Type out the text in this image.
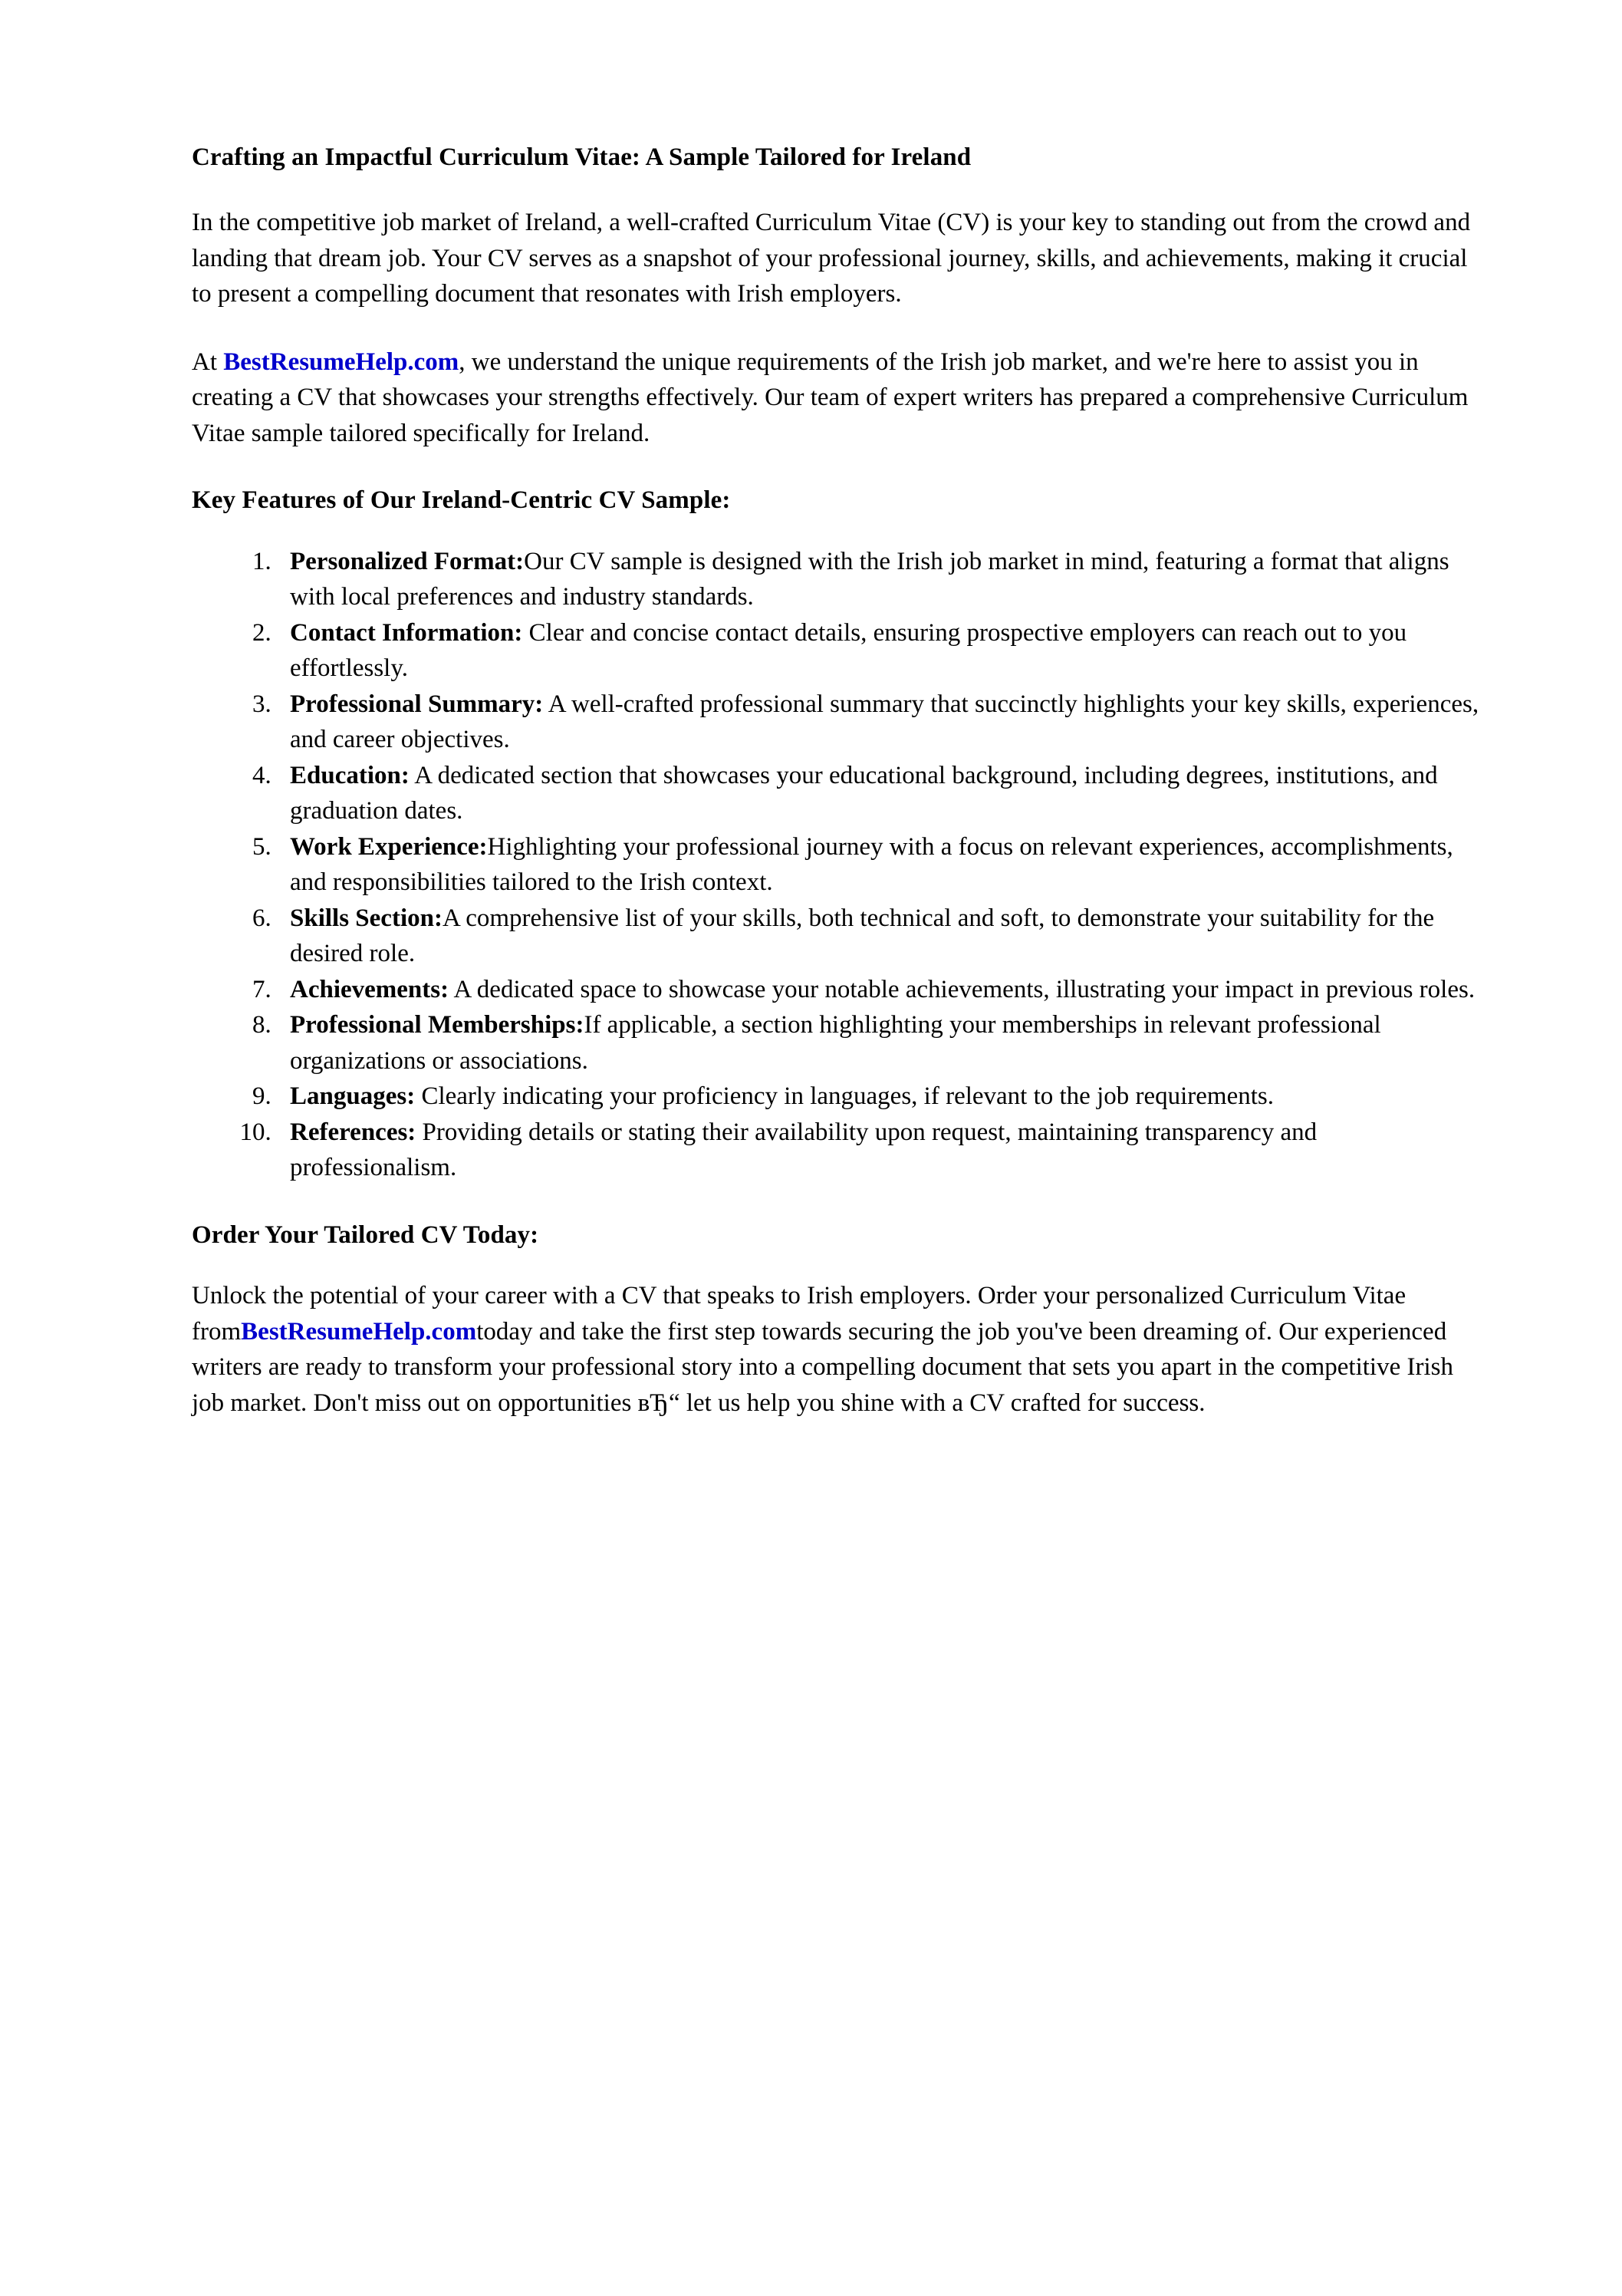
Crafting an Impactful Curriculum Vitae: A Sample Tailored for Ireland

In the competitive job market of Ireland, a well-crafted Curriculum Vitae (CV) is your key to standing out from the crowd and landing that dream job. Your CV serves as a snapshot of your professional journey, skills, and achievements, making it crucial to present a compelling document that resonates with Irish employers.

At BestResumeHelp.com, we understand the unique requirements of the Irish job market, and we're here to assist you in creating a CV that showcases your strengths effectively. Our team of expert writers has prepared a comprehensive Curriculum Vitae sample tailored specifically for Ireland.

Key Features of Our Ireland-Centric CV Sample:
1. Personalized Format:Our CV sample is designed with the Irish job market in mind, featuring a format that aligns with local preferences and industry standards.
2. Contact Information: Clear and concise contact details, ensuring prospective employers can reach out to you effortlessly.
3. Professional Summary: A well-crafted professional summary that succinctly highlights your key skills, experiences, and career objectives.
4. Education: A dedicated section that showcases your educational background, including degrees, institutions, and graduation dates.
5. Work Experience:Highlighting your professional journey with a focus on relevant experiences, accomplishments, and responsibilities tailored to the Irish context.
6. Skills Section:A comprehensive list of your skills, both technical and soft, to demonstrate your suitability for the desired role.
7. Achievements: A dedicated space to showcase your notable achievements, illustrating your impact in previous roles.
8. Professional Memberships:If applicable, a section highlighting your memberships in relevant professional organizations or associations.
9. Languages: Clearly indicating your proficiency in languages, if relevant to the job requirements.
10. References: Providing details or stating their availability upon request, maintaining transparency and professionalism.
Order Your Tailored CV Today:

Unlock the potential of your career with a CV that speaks to Irish employers. Order your personalized Curriculum Vitae fromBestResumeHelp.comtoday and take the first step towards securing the job you've been dreaming of. Our experienced writers are ready to transform your professional story into a compelling document that sets you apart in the competitive Irish job market. Don't miss out on opportunities вЂ“ let us help you shine with a CV crafted for success.
